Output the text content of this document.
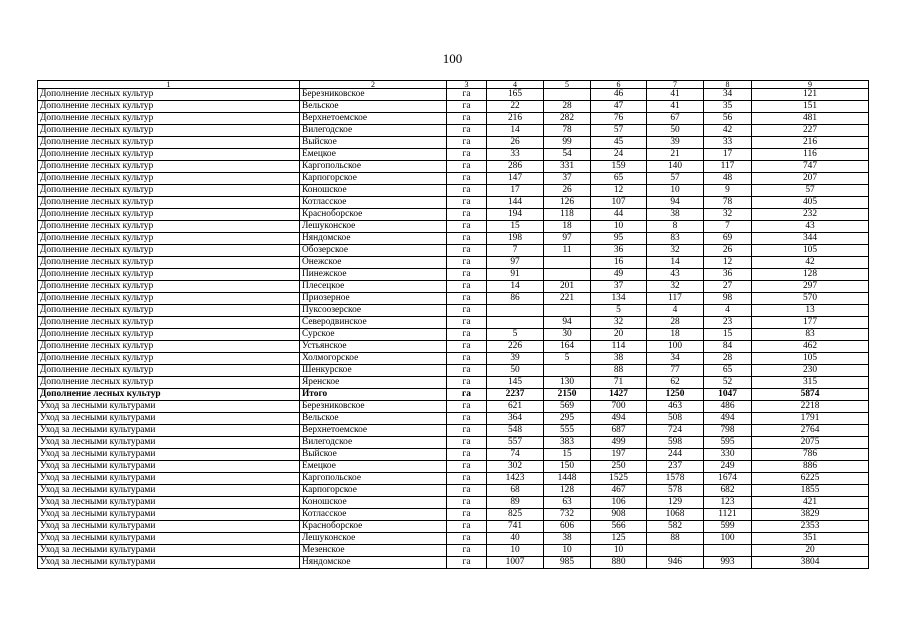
100
1	2	3	4	5	6	7	8	9
Дополнение лесных культур	Березниковское	га	165		46	41	34	121
Дополнение лесных культур	Вельское	га	22	28	47	41	35	151
Дополнение лесных культур	Верхнетоемское	га	216	282	76	67	56	481
Дополнение лесных культур	Вилегодское	га	14	78	57	50	42	227
Дополнение лесных культур	Выйское	га	26	99	45	39	33	216
Дополнение лесных культур	Емецкое	га	33	54	24	21	17	116
Дополнение лесных культур	Каргопольское	га	286	331	159	140	117	747
Дополнение лесных культур	Карпогорское	га	147	37	65	57	48	207
Дополнение лесных культур	Коношское	га	17	26	12	10	9	57
Дополнение лесных культур	Котласское	га	144	126	107	94	78	405
Дополнение лесных культур	Красноборское	га	194	118	44	38	32	232
Дополнение лесных культур	Лешуконское	га	15	18	10	8	7	43
Дополнение лесных культур	Няндомское	га	198	97	95	83	69	344
Дополнение лесных культур	Обозерское	га	7	11	36	32	26	105
Дополнение лесных культур	Онежское	га	97		16	14	12	42
Дополнение лесных культур	Пинежское	га	91		49	43	36	128
Дополнение лесных культур	Плесецкое	га	14	201	37	32	27	297
Дополнение лесных культур	Приозерное	га	86	221	134	117	98	570
Дополнение лесных культур	Пуксоозерское	га			5	4	4	13
Дополнение лесных культур	Северодвинское	га		94	32	28	23	177
Дополнение лесных культур	Сурское	га	5	30	20	18	15	83
Дополнение лесных культур	Устьянское	га	226	164	114	100	84	462
Дополнение лесных культур	Холмогорское	га	39	5	38	34	28	105
Дополнение лесных культур	Шенкурское	га	50		88	77	65	230
Дополнение лесных культур	Яренское	га	145	130	71	62	52	315
Дополнение лесных культур	Итого	га	2237	2150	1427	1250	1047	5874
Уход за лесными культурами	Березниковское	га	621	569	700	463	486	2218
Уход за лесными культурами	Вельское	га	364	295	494	508	494	1791
Уход за лесными культурами	Верхнетоемское	га	548	555	687	724	798	2764
Уход за лесными культурами	Вилегодское	га	557	383	499	598	595	2075
Уход за лесными культурами	Выйское	га	74	15	197	244	330	786
Уход за лесными культурами	Емецкое	га	302	150	250	237	249	886
Уход за лесными культурами	Каргопольское	га	1423	1448	1525	1578	1674	6225
Уход за лесными культурами	Карпогорское	га	68	128	467	578	682	1855
Уход за лесными культурами	Коношское	га	89	63	106	129	123	421
Уход за лесными культурами	Котласское	га	825	732	908	1068	1121	3829
Уход за лесными культурами	Красноборское	га	741	606	566	582	599	2353
Уход за лесными культурами	Лешуконское	га	40	38	125	88	100	351
Уход за лесными культурами	Мезенское	га	10	10	10			20
Уход за лесными культурами	Няндомское	га	1007	985	880	946	993	3804
